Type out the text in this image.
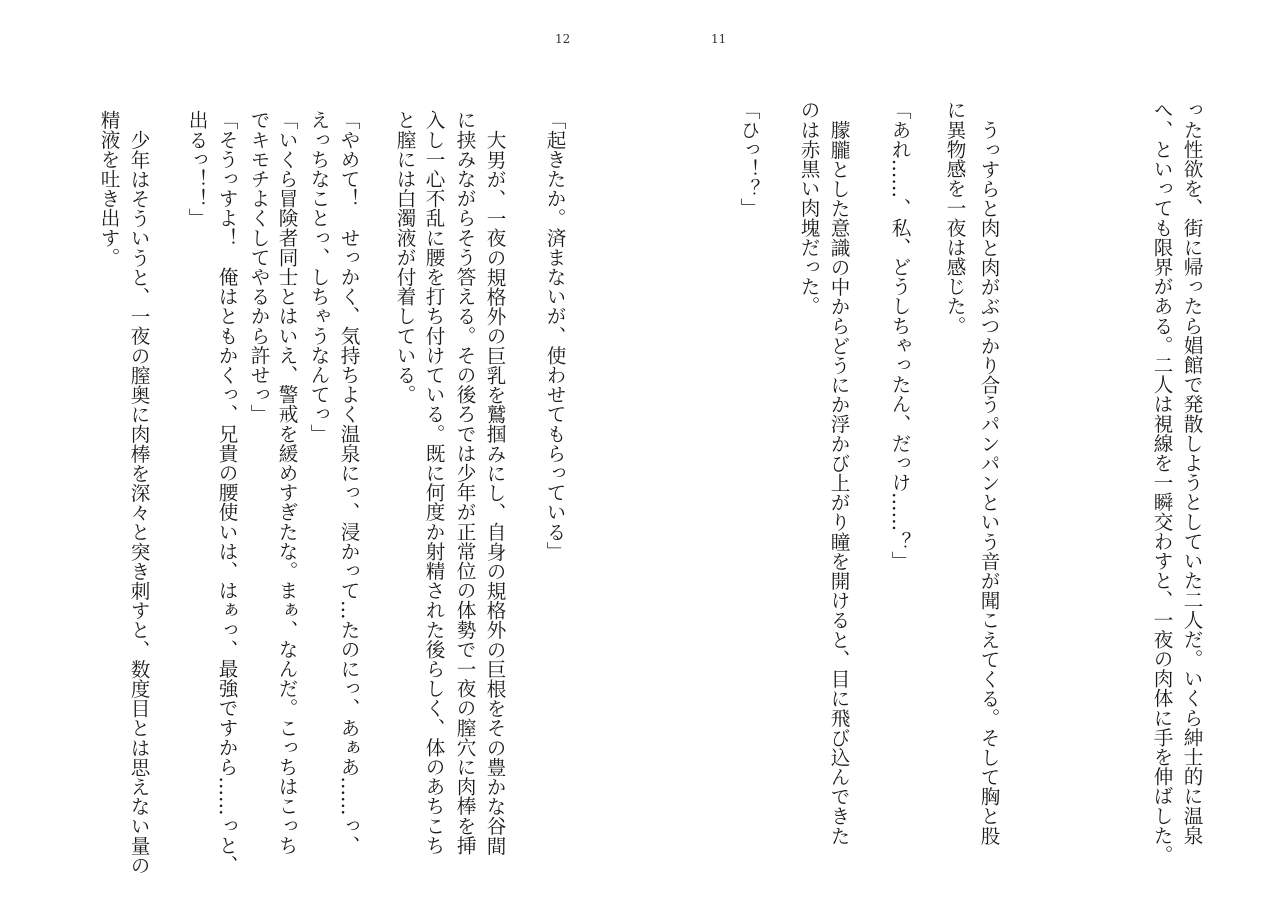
12	11
った性欲を、街に帰ったら娼館で発散しようとしていた二人だ。いくら紳士的に温泉
へ、といっても限界がある。二人は視線を一瞬交わすと、一夜の肉体に手を伸ばした。
うっすらと肉と肉がぶつかり合うパンパンという音が聞こえてくる。そして胸と股
に異物感を一夜は感じた。
「あれ……、私、どうしちゃったん、だっけ……？」
朦朧とした意識の中からどうにか浮かび上がり瞳を開けると、目に飛び込んできた
のは赤黒い肉塊だった。
「ひっ！？」
「起きたか。済まないが、使わせてもらっている」
大男が、一夜の規格外の巨乳を鷲掴みにし、自身の規格外の巨根をその豊かな谷間
に挟みながらそう答える。その後ろでは少年が正常位の体勢で一夜の膣穴に肉棒を挿
入し一心不乱に腰を打ち付けている。既に何度か射精された後らしく、体のあちこち
と膣には白濁液が付着している。
「やめて！　せっかく、気持ちよく温泉にっ、浸かって…たのにっ、あぁあ……っ、
えっちなことっ、しちゃうなんてっ」
「いくら冒険者同士とはいえ、警戒を緩めすぎたな。まぁ、なんだ。こっちはこっち
でキモチよくしてやるから許せっ」
「そうっすよ！　俺はともかくっ、兄貴の腰使いは、はぁっ、最強ですから……っと、
出るっ！！」
少年はそういうと、一夜の膣奥に肉棒を深々と突き刺すと、数度目とは思えない量の
精液を吐き出す。
